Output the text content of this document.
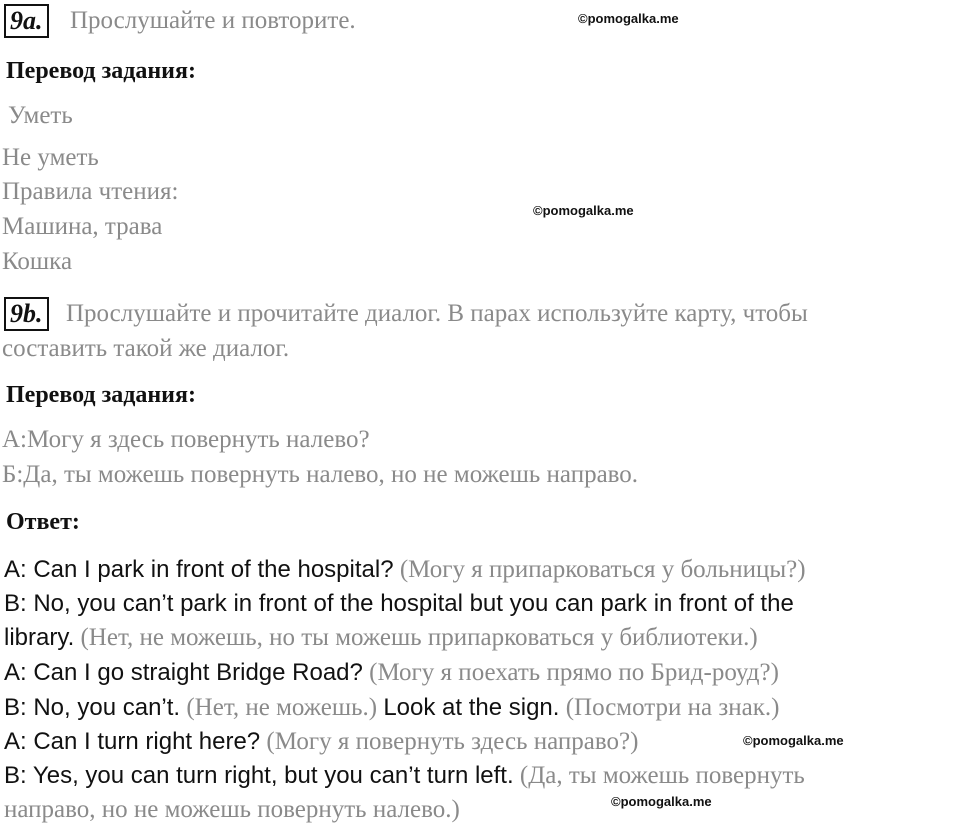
9a. Прослушайте и повторите.	©pomogalka.me
Перевод задания:
Уметь
Не уметь
Правила чтения:
Машина, трава
Кошка
©pomogalka.me
9b. Прослушайте и прочитайте диалог. В парах используйте карту, чтобы
составить такой же диалог.
Перевод задания:
А:Могу я здесь повернуть налево?
Б:Да, ты можешь повернуть налево, но не можешь направо.
Ответ:
A: Can I park in front of the hospital? (Могу я припарковаться у больницы?)
B: No, you can’t park in front of the hospital but you can park in front of the
library. (Нет, не можешь, но ты можешь припарковаться у библиотеки.)
A: Can I go straight Bridge Road? (Могу я поехать прямо по Брид-роуд?)
B: No, you can’t. (Нет, не можешь.) Look at the sign. (Посмотри на знак.)
A: Can I turn right here? (Могу я повернуть здесь направо?)	©pomogalka.me
B: Yes, you can turn right, but you can’t turn left. (Да, ты можешь повернуть
направо, но не можешь повернуть налево.)	©pomogalka.me
